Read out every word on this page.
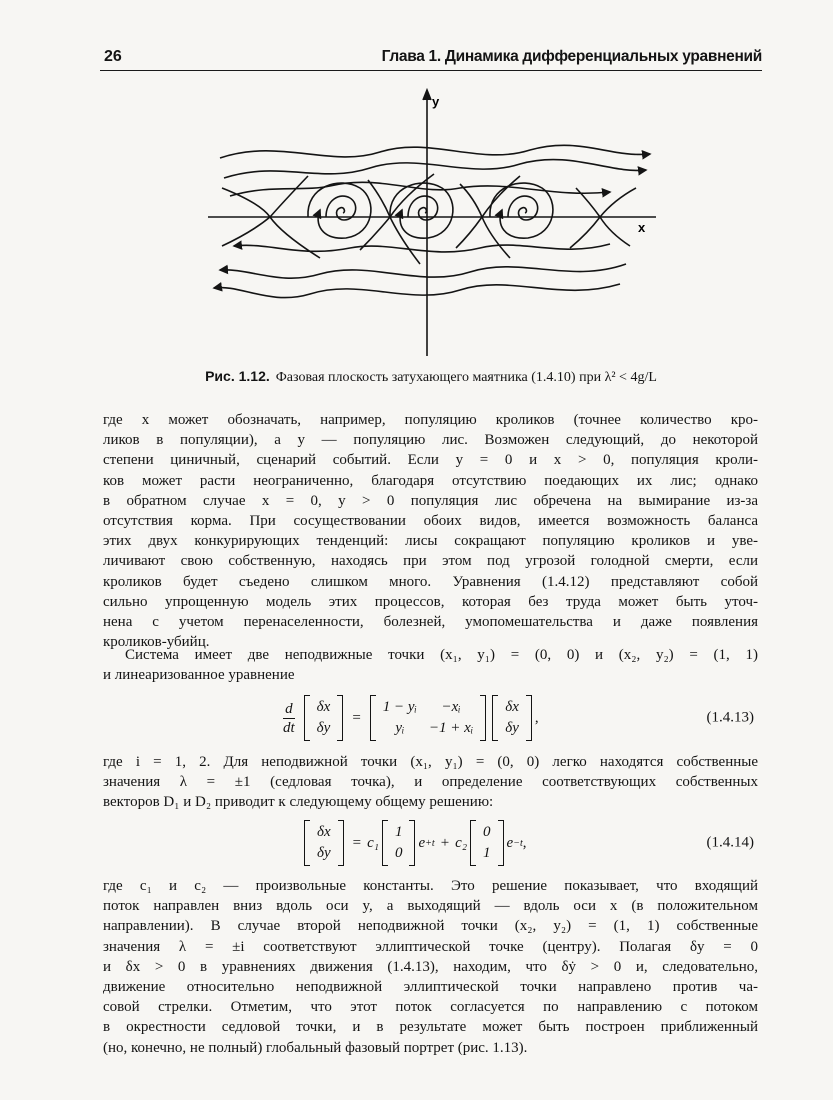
26	Глава 1. Динамика дифференциальных уравнений
y
x
Рис. 1.12. Фазовая плоскость затухающего маятника (1.4.10) при λ² < 4g/L
где x может обозначать, например, популяцию кроликов (точнее количество кро-
ликов в популяции), а y — популяцию лис. Возможен следующий, до некоторой
степени циничный, сценарий событий. Если y = 0 и x > 0, популяция кроли-
ков может расти неограниченно, благодаря отсутствию поедающих их лис; однако
в обратном случае x = 0, y > 0 популяция лис обречена на вымирание из-за
отсутствия корма. При сосуществовании обоих видов, имеется возможность баланса
этих двух конкурирующих тенденций: лисы сокращают популяцию кроликов и уве-
личивают свою собственную, находясь при этом под угрозой голодной смерти, если
кроликов будет съедено слишком много. Уравнения (1.4.12) представляют собой
сильно упрощенную модель этих процессов, которая без труда может быть уточ-
нена с учетом перенаселенности, болезней, умопомешательства и даже появления
кроликов-убийц.
Система имеет две неподвижные точки (x₁, y₁) = (0, 0) и (x₂, y₂) = (1, 1)
и линеаризованное уравнение
$\frac{d}{dt}$ δx
δy
=
1 − yᵢ	−xᵢ
yᵢ	−1 + xᵢ
δx
δy
,	(1.4.13)
где i = 1, 2. Для неподвижной точки (x₁, y₁) = (0, 0) легко находятся собственные
значения λ = ±1 (седловая точка), и определение соответствующих собственных
векторов D₁ и D₂ приводит к следующему общему решению:
δx
δy
= c₁
1
0
e +t + c₂
0
1
e −t ,	(1.4.14)
где c₁ и c₂ — произвольные константы. Это решение показывает, что входящий
поток направлен вниз вдоль оси y, а выходящий — вдоль оси x (в положительном
направлении). В случае второй неподвижной точки (x₂, y₂) = (1, 1) собственные
значения λ = ±i соответствуют эллиптической точке (центру). Полагая δy = 0
и δx > 0 в уравнениях движения (1.4.13), находим, что δẏ > 0 и, следовательно,
движение относительно неподвижной эллиптической точки направлено против ча-
совой стрелки. Отметим, что этот поток согласуется по направлению с потоком
в окрестности седловой точки, и в результате может быть построен приближенный
(но, конечно, не полный) глобальный фазовый портрет (рис. 1.13).
